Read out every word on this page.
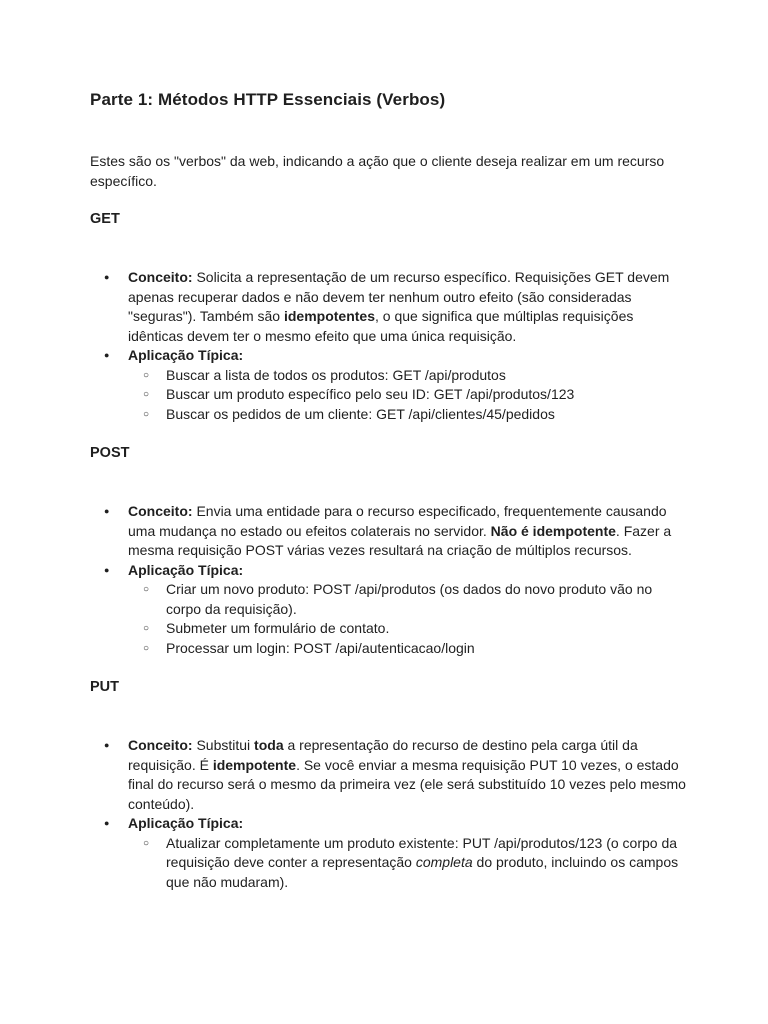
Parte 1: Métodos HTTP Essenciais (Verbos)

Estes são os "verbos" da web, indicando a ação que o cliente deseja realizar em um recurso específico.

GET
● Conceito: Solicita a representação de um recurso específico. Requisições GET devem apenas recuperar dados e não devem ter nenhum outro efeito (são consideradas "seguras"). Também são idempotentes, o que significa que múltiplas requisições idênticas devem ter o mesmo efeito que uma única requisição.
● Aplicação Típica:
○ Buscar a lista de todos os produtos: GET /api/produtos
○ Buscar um produto específico pelo seu ID: GET /api/produtos/123
○ Buscar os pedidos de um cliente: GET /api/clientes/45/pedidos
POST
● Conceito: Envia uma entidade para o recurso especificado, frequentemente causando uma mudança no estado ou efeitos colaterais no servidor. Não é idempotente. Fazer a mesma requisição POST várias vezes resultará na criação de múltiplos recursos.
● Aplicação Típica:
○ Criar um novo produto: POST /api/produtos (os dados do novo produto vão no corpo da requisição).
○ Submeter um formulário de contato.
○ Processar um login: POST /api/autenticacao/login
PUT
● Conceito: Substitui toda a representação do recurso de destino pela carga útil da requisição. É idempotente. Se você enviar a mesma requisição PUT 10 vezes, o estado final do recurso será o mesmo da primeira vez (ele será substituído 10 vezes pelo mesmo conteúdo).
● Aplicação Típica:
○ Atualizar completamente um produto existente: PUT /api/produtos/123 (o corpo da requisição deve conter a representação completa do produto, incluindo os campos que não mudaram).
